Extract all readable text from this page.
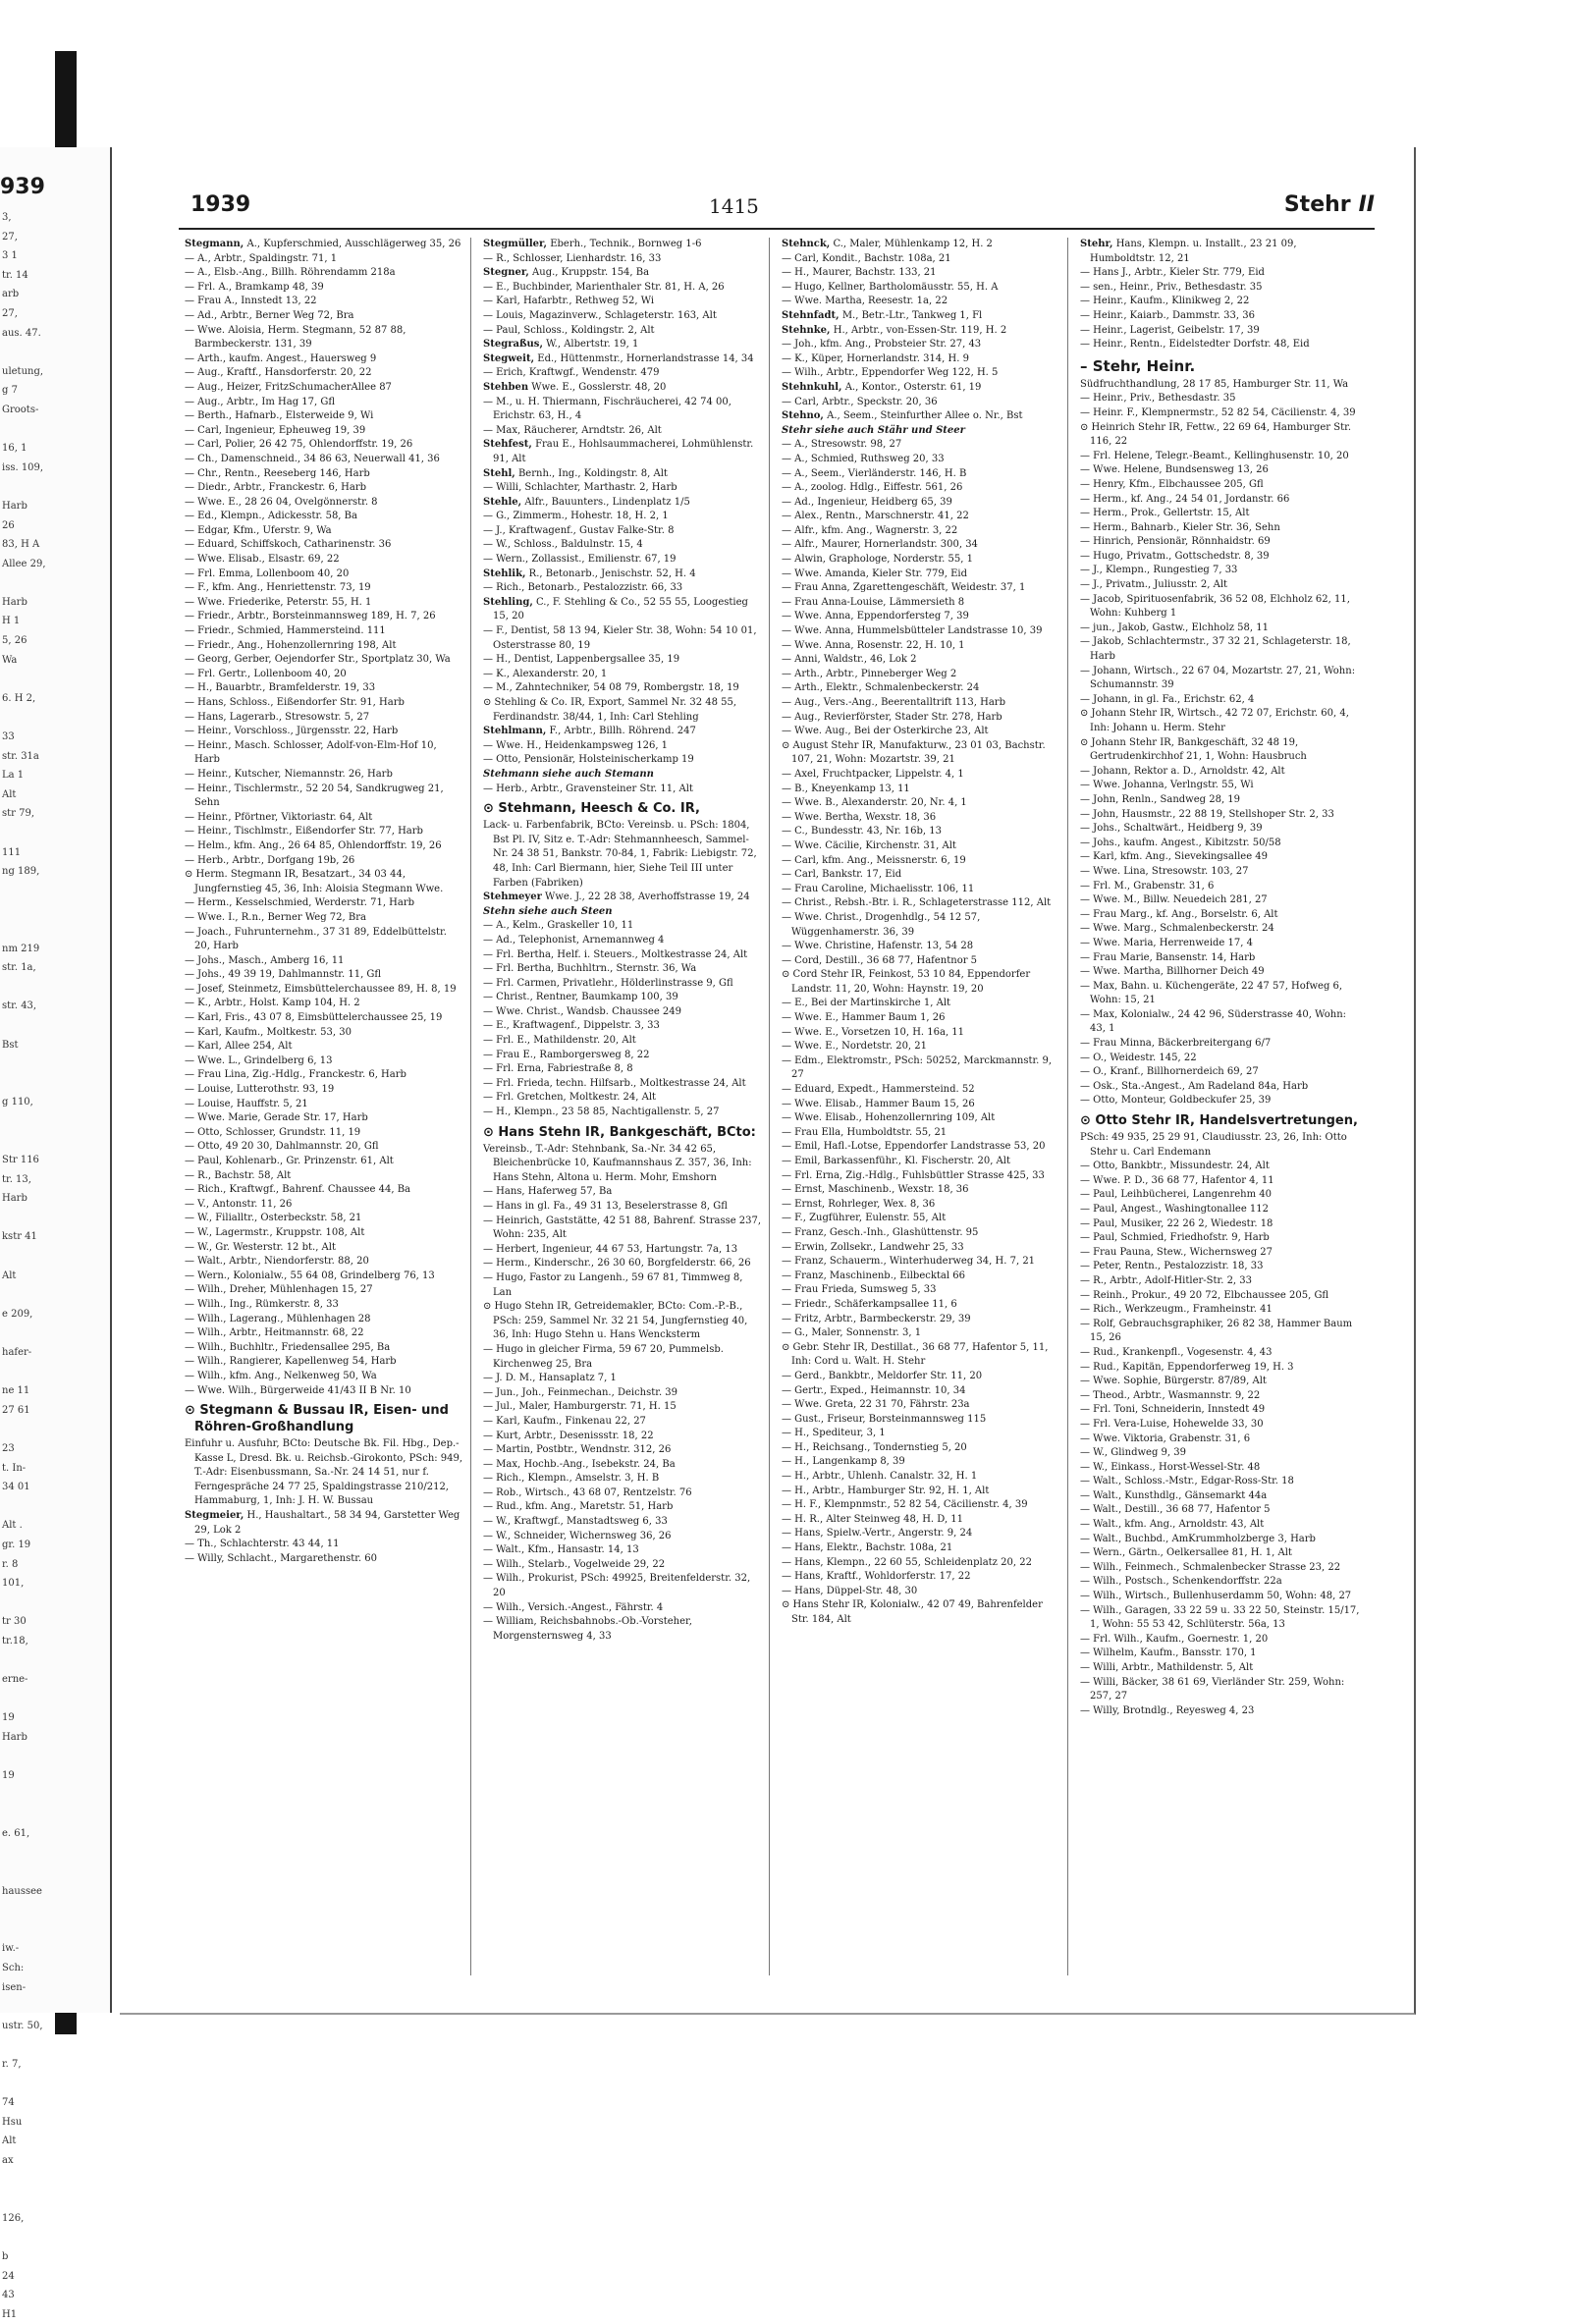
939
3,
27,
3 1
tr. 14
arb
27,
aus. 47.

uletung,
g 7
Groots-

16, 1
iss. 109,

Harb
26
83, H A
Allee 29,

Harb
H 1
5, 26
Wa

6. H 2,

33
str. 31a
La 1
Alt
str 79,

111
ng 189,

nm 219
str. 1a,

str. 43,

Bst

g 110,

Str 116
tr. 13,
Harb

kstr 41

Alt

e 209,

hafer-

ne 11
27 61

23
t. In-
34 01

Alt .
gr. 19
r. 8
101,

tr 30
tr.18,

erne-

19
Harb

19

e. 61,

haussee

iw.-
Sch:
isen-

ustr. 50,

r. 7,

74
Hsu
Alt
ax

126,

b
24
43
H1
1939	1415	Stehr II
Stegmann, A., Kupferschmied, Ausschlägerweg 35, 26
— A., Arbtr., Spaldingstr. 71, 1
— A., Elsb.-Ang., Billh. Röhrendamm 218a
— Frl. A., Bramkamp 48, 39
— Frau A., Innstedt 13, 22
— Ad., Arbtr., Berner Weg 72, Bra
— Wwe. Aloisia, Herm. Stegmann, 52 87 88, Barmbeckerstr. 131, 39
— Arth., kaufm. Angest., Hauersweg 9
— Aug., Kraftf., Hansdorferstr. 20, 22
— Aug., Heizer, FritzSchumacherAllee 87
— Aug., Arbtr., Im Hag 17, Gfl
— Berth., Hafnarb., Elsterweide 9, Wi
— Carl, Ingenieur, Epheuweg 19, 39
— Carl, Polier, 26 42 75, Ohlendorffstr. 19, 26
— Ch., Damenschneid., 34 86 63, Neuerwall 41, 36
— Chr., Rentn., Reeseberg 146, Harb
— Diedr., Arbtr., Franckestr. 6, Harb
— Wwe. E., 28 26 04, Ovelgönnerstr. 8
— Ed., Klempn., Adickesstr. 58, Ba
— Edgar, Kfm., Uferstr. 9, Wa
— Eduard, Schiffskoch, Catharinenstr. 36
— Wwe. Elisab., Elsastr. 69, 22
— Frl. Emma, Lollenboom 40, 20
— F., kfm. Ang., Henriettenstr. 73, 19
— Wwe. Friederike, Peterstr. 55, H. 1
— Friedr., Arbtr., Borsteinmannsweg 189, H. 7, 26
— Friedr., Schmied, Hammersteind. 111
— Friedr., Ang., Hohenzollernring 198, Alt
— Georg, Gerber, Oejendorfer Str., Sportplatz 30, Wa
— Frl. Gertr., Lollenboom 40, 20
— H., Bauarbtr., Bramfelderstr. 19, 33
— Hans, Schloss., Eißendorfer Str. 91, Harb
— Hans, Lagerarb., Stresowstr. 5, 27
— Heinr., Vorschloss., Jürgensstr. 22, Harb
— Heinr., Masch. Schlosser, Adolf-von-Elm-Hof 10, Harb
— Heinr., Kutscher, Niemannstr. 26, Harb
— Heinr., Tischlermstr., 52 20 54, Sandkrugweg 21, Sehn
— Heinr., Pförtner, Viktoriastr. 64, Alt
— Heinr., Tischlmstr., Eißendorfer Str. 77, Harb
— Helm., kfm. Ang., 26 64 85, Ohlendorffstr. 19, 26
— Herb., Arbtr., Dorfgang 19b, 26
⊙ Herm. Stegmann IR, Besatzart., 34 03 44, Jungfernstieg 45, 36, Inh: Aloisia Stegmann Wwe.
— Herm., Kesselschmied, Werderstr. 71, Harb
— Wwe. I., R.n., Berner Weg 72, Bra
— Joach., Fuhrunternehm., 37 31 89, Eddelbüttelstr. 20, Harb
— Johs., Masch., Amberg 16, 11
— Johs., 49 39 19, Dahlmannstr. 11, Gfl
— Josef, Steinmetz, Eimsbüttelerchaussee 89, H. 8, 19
— K., Arbtr., Holst. Kamp 104, H. 2
— Karl, Fris., 43 07 8, Eimsbüttelerchaussee 25, 19
— Karl, Kaufm., Moltkestr. 53, 30
— Karl, Allee 254, Alt
— Wwe. L., Grindelberg 6, 13
— Frau Lina, Zig.-Hdlg., Franckestr. 6, Harb
— Louise, Lutterothstr. 93, 19
— Louise, Hauffstr. 5, 21
— Wwe. Marie, Gerade Str. 17, Harb
— Otto, Schlosser, Grundstr. 11, 19
— Otto, 49 20 30, Dahlmannstr. 20, Gfl
— Paul, Kohlenarb., Gr. Prinzenstr. 61, Alt
— R., Bachstr. 58, Alt
— Rich., Kraftwgf., Bahrenf. Chaussee 44, Ba
— V., Antonstr. 11, 26
— W., Filialltr., Osterbeckstr. 58, 21
— W., Lagermstr., Kruppstr. 108, Alt
— W., Gr. Westerstr. 12 bt., Alt
— Walt., Arbtr., Niendorferstr. 88, 20
— Wern., Kolonialw., 55 64 08, Grindelberg 76, 13
— Wilh., Dreher, Mühlenhagen 15, 27
— Wilh., Ing., Rümkerstr. 8, 33
— Wilh., Lagerang., Mühlenhagen 28
— Wilh., Arbtr., Heitmannstr. 68, 22
— Wilh., Buchhltr., Friedensallee 295, Ba
— Wilh., Rangierer, Kapellenweg 54, Harb
— Wilh., kfm. Ang., Nelkenweg 50, Wa
— Wwe. Wilh., Bürgerweide 41/43 II B Nr. 10
⊙ Stegmann & Bussau IR, Eisen- und Röhren-Großhandlung
Einfuhr u. Ausfuhr, BCto: Deutsche Bk. Fil. Hbg., Dep.-Kasse L, Dresd. Bk. u. Reichsb.-Girokonto, PSch: 949, T.-Adr: Eisenbussmann, Sa.-Nr. 24 14 51, nur f. Ferngespräche 24 77 25, Spaldingstrasse 210/212, Hammaburg, 1, Inh: J. H. W. Bussau
Stegmeier, H., Haushaltart., 58 34 94, Garstetter Weg 29, Lok 2
— Th., Schlachterstr. 43 44, 11
— Willy, Schlacht., Margarethenstr. 60
Stegmüller, Eberh., Technik., Bornweg 1-6
— R., Schlosser, Lienhardstr. 16, 33
Stegner, Aug., Kruppstr. 154, Ba
— E., Buchbinder, Marienthaler Str. 81, H. A, 26
— Karl, Hafarbtr., Rethweg 52, Wi
— Louis, Magazinverw., Schlageterstr. 163, Alt
— Paul, Schloss., Koldingstr. 2, Alt
Stegraßus, W., Albertstr. 19, 1
Stegweit, Ed., Hüttenmstr., Hornerlandstrasse 14, 34
— Erich, Kraftwgf., Wendenstr. 479
Stehben Wwe. E., Gosslerstr. 48, 20
— M., u. H. Thiermann, Fischräucherei, 42 74 00, Erichstr. 63, H., 4
— Max, Räucherer, Arndtstr. 26, Alt
Stehfest, Frau E., Hohlsaummacherei, Lohmühlenstr. 91, Alt
Stehl, Bernh., Ing., Koldingstr. 8, Alt
— Willi, Schlachter, Marthastr. 2, Harb
Stehle, Alfr., Bauunters., Lindenplatz 1/5
— G., Zimmerm., Hohestr. 18, H. 2, 1
— J., Kraftwagenf., Gustav Falke-Str. 8
— W., Schloss., Baldulnstr. 15, 4
— Wern., Zollassist., Emilienstr. 67, 19
Stehlik, R., Betonarb., Jenischstr. 52, H. 4
— Rich., Betonarb., Pestalozzistr. 66, 33
Stehling, C., F. Stehling & Co., 52 55 55, Loogestieg 15, 20
— F., Dentist, 58 13 94, Kieler Str. 38, Wohn: 54 10 01, Osterstrasse 80, 19
— H., Dentist, Lappenbergsallee 35, 19
— K., Alexanderstr. 20, 1
— M., Zahntechniker, 54 08 79, Rombergstr. 18, 19
⊙ Stehling & Co. IR, Export, Sammel Nr. 32 48 55, Ferdinandstr. 38/44, 1, Inh: Carl Stehling
Stehlmann, F., Arbtr., Billh. Röhrend. 247
— Wwe. H., Heidenkampsweg 126, 1
— Otto, Pensionär, Holsteinischerkamp 19
Stehmann siehe auch Stemann
— Herb., Arbtr., Gravensteiner Str. 11, Alt
⊙ Stehmann, Heesch & Co. IR,
Lack- u. Farbenfabrik, BCto: Vereinsb. u. PSch: 1804, Bst Pl. IV, Sitz e. T.-Adr: Stehmannheesch, Sammel-Nr. 24 38 51, Bankstr. 70-84, 1, Fabrik: Liebigstr. 72, 48, Inh: Carl Biermann, hier, Siehe Teil III unter Farben (Fabriken)
Stehmeyer Wwe. J., 22 28 38, Averhoffstrasse 19, 24
Stehn siehe auch Steen
— A., Kelm., Graskeller 10, 11
— Ad., Telephonist, Arnemannweg 4
— Frl. Bertha, Helf. i. Steuers., Moltkestrasse 24, Alt
— Frl. Bertha, Buchhltrn., Sternstr. 36, Wa
— Frl. Carmen, Privatlehr., Hölderlinstrasse 9, Gfl
— Christ., Rentner, Baumkamp 100, 39
— Wwe. Christ., Wandsb. Chaussee 249
— E., Kraftwagenf., Dippelstr. 3, 33
— Frl. E., Mathildenstr. 20, Alt
— Frau E., Ramborgersweg 8, 22
— Frl. Erna, Fabriestraße 8, 8
— Frl. Frieda, techn. Hilfsarb., Moltkestrasse 24, Alt
— Frl. Gretchen, Moltkestr. 24, Alt
— H., Klempn., 23 58 85, Nachtigallenstr. 5, 27
⊙ Hans Stehn IR, Bankgeschäft, BCto:
Vereinsb., T.-Adr: Stehnbank, Sa.-Nr. 34 42 65, Bleichenbrücke 10, Kaufmannshaus Z. 357, 36, Inh: Hans Stehn, Altona u. Herm. Mohr, Emshorn
— Hans, Haferweg 57, Ba
— Hans in gl. Fa., 49 31 13, Beselerstrasse 8, Gfl
— Heinrich, Gaststätte, 42 51 88, Bahrenf. Strasse 237, Wohn: 235, Alt
— Herbert, Ingenieur, 44 67 53, Hartungstr. 7a, 13
— Herm., Kinderschr., 26 30 60, Borgfelderstr. 66, 26
— Hugo, Fastor zu Langenh., 59 67 81, Timmweg 8, Lan
⊙ Hugo Stehn IR, Getreidemakler, BCto: Com.-P.-B., PSch: 259, Sammel Nr. 32 21 54, Jungfernstieg 40, 36, Inh: Hugo Stehn u. Hans Wencksterm
— Hugo in gleicher Firma, 59 67 20, Pummelsb. Kirchenweg 25, Bra
— J. D. M., Hansaplatz 7, 1
— Jun., Joh., Feinmechan., Deichstr. 39
— Jul., Maler, Hamburgerstr. 71, H. 15
— Karl, Kaufm., Finkenau 22, 27
— Kurt, Arbtr., Desenissstr. 18, 22
— Martin, Postbtr., Wendnstr. 312, 26
— Max, Hochb.-Ang., Isebekstr. 24, Ba
— Rich., Klempn., Amselstr. 3, H. B
— Rob., Wirtsch., 43 68 07, Rentzelstr. 76
— Rud., kfm. Ang., Maretstr. 51, Harb
— W., Kraftwgf., Manstadtsweg 6, 33
— W., Schneider, Wichernsweg 36, 26
— Walt., Kfm., Hansastr. 14, 13
— Wilh., Stelarb., Vogelweide 29, 22
— Wilh., Prokurist, PSch: 49925, Breitenfelderstr. 32, 20
— Wilh., Versich.-Angest., Fährstr. 4
— William, Reichsbahnobs.-Ob.-Vorsteher, Morgensternsweg 4, 33
Stehnck, C., Maler, Mühlenkamp 12, H. 2
— Carl, Kondit., Bachstr. 108a, 21
— H., Maurer, Bachstr. 133, 21
— Hugo, Kellner, Bartholomäusstr. 55, H. A
— Wwe. Martha, Reesestr. 1a, 22
Stehnfadt, M., Betr.-Ltr., Tankweg 1, Fl
Stehnke, H., Arbtr., von-Essen-Str. 119, H. 2
— Joh., kfm. Ang., Probsteier Str. 27, 43
— K., Küper, Hornerlandstr. 314, H. 9
— Wilh., Arbtr., Eppendorfer Weg 122, H. 5
Stehnkuhl, A., Kontor., Osterstr. 61, 19
— Carl, Arbtr., Speckstr. 20, 36
Stehno, A., Seem., Steinfurther Allee o. Nr., Bst
Stehr siehe auch Stähr und Steer
— A., Stresowstr. 98, 27
— A., Schmied, Ruthsweg 20, 33
— A., Seem., Vierländerstr. 146, H. B
— A., zoolog. Hdlg., Eiffestr. 561, 26
— Ad., Ingenieur, Heidberg 65, 39
— Alex., Rentn., Marschnerstr. 41, 22
— Alfr., kfm. Ang., Wagnerstr. 3, 22
— Alfr., Maurer, Hornerlandstr. 300, 34
— Alwin, Graphologe, Norderstr. 55, 1
— Wwe. Amanda, Kieler Str. 779, Eid
— Frau Anna, Zgarettengeschäft, Weidestr. 37, 1
— Frau Anna-Louise, Lämmersieth 8
— Wwe. Anna, Eppendorfersteg 7, 39
— Wwe. Anna, Hummelsbütteler Landstrasse 10, 39
— Wwe. Anna, Rosenstr. 22, H. 10, 1
— Anni, Waldstr., 46, Lok 2
— Arth., Arbtr., Pinneberger Weg 2
— Arth., Elektr., Schmalenbeckerstr. 24
— Aug., Vers.-Ang., Beerentalltrift 113, Harb
— Aug., Revierförster, Stader Str. 278, Harb
— Wwe. Aug., Bei der Osterkirche 23, Alt
⊙ August Stehr IR, Manufakturw., 23 01 03, Bachstr. 107, 21, Wohn: Mozartstr. 39, 21
— Axel, Fruchtpacker, Lippelstr. 4, 1
— B., Kneyenkamp 13, 11
— Wwe. B., Alexanderstr. 20, Nr. 4, 1
— Wwe. Bertha, Wexstr. 18, 36
— C., Bundesstr. 43, Nr. 16b, 13
— Wwe. Cäcilie, Kirchenstr. 31, Alt
— Carl, kfm. Ang., Meissnerstr. 6, 19
— Carl, Bankstr. 17, Eid
— Frau Caroline, Michaelisstr. 106, 11
— Christ., Rebsh.-Btr. i. R., Schlageterstrasse 112, Alt
— Wwe. Christ., Drogenhdlg., 54 12 57, Wüggenhamerstr. 36, 39
— Wwe. Christine, Hafenstr. 13, 54 28
— Cord, Destill., 36 68 77, Hafentnor 5
⊙ Cord Stehr IR, Feinkost, 53 10 84, Eppendorfer Landstr. 11, 20, Wohn: Haynstr. 19, 20
— E., Bei der Martinskirche 1, Alt
— Wwe. E., Hammer Baum 1, 26
— Wwe. E., Vorsetzen 10, H. 16a, 11
— Wwe. E., Nordetstr. 20, 21
— Edm., Elektromstr., PSch: 50252, Marckmannstr. 9, 27
— Eduard, Expedt., Hammersteind. 52
— Wwe. Elisab., Hammer Baum 15, 26
— Wwe. Elisab., Hohenzollernring 109, Alt
— Frau Ella, Humboldtstr. 55, 21
— Emil, Hafl.-Lotse, Eppendorfer Landstrasse 53, 20
— Emil, Barkassenführ., Kl. Fischerstr. 20, Alt
— Frl. Erna, Zig.-Hdlg., Fuhlsbüttler Strasse 425, 33
— Ernst, Maschinenb., Wexstr. 18, 36
— Ernst, Rohrleger, Wex. 8, 36
— F., Zugführer, Eulenstr. 55, Alt
— Franz, Gesch.-Inh., Glashüttenstr. 95
— Erwin, Zollsekr., Landwehr 25, 33
— Franz, Schauerm., Winterhuderweg 34, H. 7, 21
— Franz, Maschinenb., Eilbecktal 66
— Frau Frieda, Sumsweg 5, 33
— Friedr., Schäferkampsallee 11, 6
— Fritz, Arbtr., Barmbeckerstr. 29, 39
— G., Maler, Sonnenstr. 3, 1
⊙ Gebr. Stehr IR, Destillat., 36 68 77, Hafentor 5, 11, Inh: Cord u. Walt. H. Stehr
— Gerd., Bankbtr., Meldorfer Str. 11, 20
— Gertr., Exped., Heimannstr. 10, 34
— Wwe. Greta, 22 31 70, Fährstr. 23a
— Gust., Friseur, Borsteinmannsweg 115
— H., Spediteur, 3, 1
— H., Reichsang., Tondernstieg 5, 20
— H., Langenkamp 8, 39
— H., Arbtr., Uhlenh. Canalstr. 32, H. 1
— H., Arbtr., Hamburger Str. 92, H. 1, Alt
— H. F., Klempnmstr., 52 82 54, Cäcilienstr. 4, 39
— H. R., Alter Steinweg 48, H. D, 11
— Hans, Spielw.-Vertr., Angerstr. 9, 24
— Hans, Elektr., Bachstr. 108a, 21
— Hans, Klempn., 22 60 55, Schleidenplatz 20, 22
— Hans, Kraftf., Wohldorferstr. 17, 22
— Hans, Düppel-Str. 48, 30
⊙ Hans Stehr IR, Kolonialw., 42 07 49, Bahrenfelder Str. 184, Alt
Stehr, Hans, Klempn. u. Installt., 23 21 09, Humboldtstr. 12, 21
— Hans J., Arbtr., Kieler Str. 779, Eid
— sen., Heinr., Priv., Bethesdastr. 35
— Heinr., Kaufm., Klinikweg 2, 22
— Heinr., Kaiarb., Dammstr. 33, 36
— Heinr., Lagerist, Geibelstr. 17, 39
— Heinr., Rentn., Eidelstedter Dorfstr. 48, Eid
– Stehr, Heinr.
Südfruchthandlung, 28 17 85, Hamburger Str. 11, Wa
— Heinr., Priv., Bethesdastr. 35
— Heinr. F., Klempnermstr., 52 82 54, Cäcilienstr. 4, 39
⊙ Heinrich Stehr IR, Fettw., 22 69 64, Hamburger Str. 116, 22
— Frl. Helene, Telegr.-Beamt., Kellinghusenstr. 10, 20
— Wwe. Helene, Bundsensweg 13, 26
— Henry, Kfm., Elbchaussee 205, Gfl
— Herm., kf. Ang., 24 54 01, Jordanstr. 66
— Herm., Prok., Gellertstr. 15, Alt
— Herm., Bahnarb., Kieler Str. 36, Sehn
— Hinrich, Pensionär, Rönnhaidstr. 69
— Hugo, Privatm., Gottschedstr. 8, 39
— J., Klempn., Rungestieg 7, 33
— J., Privatm., Juliusstr. 2, Alt
— Jacob, Spirituosenfabrik, 36 52 08, Elchholz 62, 11, Wohn: Kuhberg 1
— jun., Jakob, Gastw., Elchholz 58, 11
— Jakob, Schlachtermstr., 37 32 21, Schlageterstr. 18, Harb
— Johann, Wirtsch., 22 67 04, Mozartstr. 27, 21, Wohn: Schumannstr. 39
— Johann, in gl. Fa., Erichstr. 62, 4
⊙ Johann Stehr IR, Wirtsch., 42 72 07, Erichstr. 60, 4, Inh: Johann u. Herm. Stehr
⊙ Johann Stehr IR, Bankgeschäft, 32 48 19, Gertrudenkirchhof 21, 1, Wohn: Hausbruch
— Johann, Rektor a. D., Arnoldstr. 42, Alt
— Wwe. Johanna, Verlngstr. 55, Wi
— John, Renln., Sandweg 28, 19
— John, Hausmstr., 22 88 19, Stellshoper Str. 2, 33
— Johs., Schaltwärt., Heidberg 9, 39
— Johs., kaufm. Angest., Kibitzstr. 50/58
— Karl, kfm. Ang., Sievekingsallee 49
— Wwe. Lina, Stresowstr. 103, 27
— Frl. M., Grabenstr. 31, 6
— Wwe. M., Billw. Neuedeich 281, 27
— Frau Marg., kf. Ang., Borselstr. 6, Alt
— Wwe. Marg., Schmalenbeckerstr. 24
— Wwe. Maria, Herrenweide 17, 4
— Frau Marie, Bansenstr. 14, Harb
— Wwe. Martha, Billhorner Deich 49
— Max, Bahn. u. Küchengeräte, 22 47 57, Hofweg 6, Wohn: 15, 21
— Max, Kolonialw., 24 42 96, Süderstrasse 40, Wohn: 43, 1
— Frau Minna, Bäckerbreitergang 6/7
— O., Weidestr. 145, 22
— O., Kranf., Billhornerdeich 69, 27
— Osk., Sta.-Angest., Am Radeland 84a, Harb
— Otto, Monteur, Goldbeckufer 25, 39
⊙ Otto Stehr IR, Handelsvertretungen,
PSch: 49 935, 25 29 91, Claudiusstr. 23, 26, Inh: Otto Stehr u. Carl Endemann
— Otto, Bankbtr., Missundestr. 24, Alt
— Wwe. P. D., 36 68 77, Hafentor 4, 11
— Paul, Leihbücherei, Langenrehm 40
— Paul, Angest., Washingtonallee 112
— Paul, Musiker, 22 26 2, Wiedestr. 18
— Paul, Schmied, Friedhofstr. 9, Harb
— Frau Pauna, Stew., Wichernsweg 27
— Peter, Rentn., Pestalozzistr. 18, 33
— R., Arbtr., Adolf-Hitler-Str. 2, 33
— Reinh., Prokur., 49 20 72, Elbchaussee 205, Gfl
— Rich., Werkzeugm., Framheinstr. 41
— Rolf, Gebrauchsgraphiker, 26 82 38, Hammer Baum 15, 26
— Rud., Krankenpfl., Vogesenstr. 4, 43
— Rud., Kapitän, Eppendorferweg 19, H. 3
— Wwe. Sophie, Bürgerstr. 87/89, Alt
— Theod., Arbtr., Wasmannstr. 9, 22
— Frl. Toni, Schneiderin, Innstedt 49
— Frl. Vera-Luise, Hohewelde 33, 30
— Wwe. Viktoria, Grabenstr. 31, 6
— W., Glindweg 9, 39
— W., Einkass., Horst-Wessel-Str. 48
— Walt., Schloss.-Mstr., Edgar-Ross-Str. 18
— Walt., Kunsthdlg., Gänsemarkt 44a
— Walt., Destill., 36 68 77, Hafentor 5
— Walt., kfm. Ang., Arnoldstr. 43, Alt
— Walt., Buchbd., AmKrummholzberge 3, Harb
— Wern., Gärtn., Oelkersallee 81, H. 1, Alt
— Wilh., Feinmech., Schmalenbecker Strasse 23, 22
— Wilh., Postsch., Schenkendorffstr. 22a
— Wilh., Wirtsch., Bullenhuserdamm 50, Wohn: 48, 27
— Wilh., Garagen, 33 22 59 u. 33 22 50, Steinstr. 15/17, 1, Wohn: 55 53 42, Schlüterstr. 56a, 13
— Frl. Wilh., Kaufm., Goernestr. 1, 20
— Wilhelm, Kaufm., Bansstr. 170, 1
— Willi, Arbtr., Mathildenstr. 5, Alt
— Willi, Bäcker, 38 61 69, Vierländer Str. 259, Wohn: 257, 27
— Willy, Brotndlg., Reyesweg 4, 23
